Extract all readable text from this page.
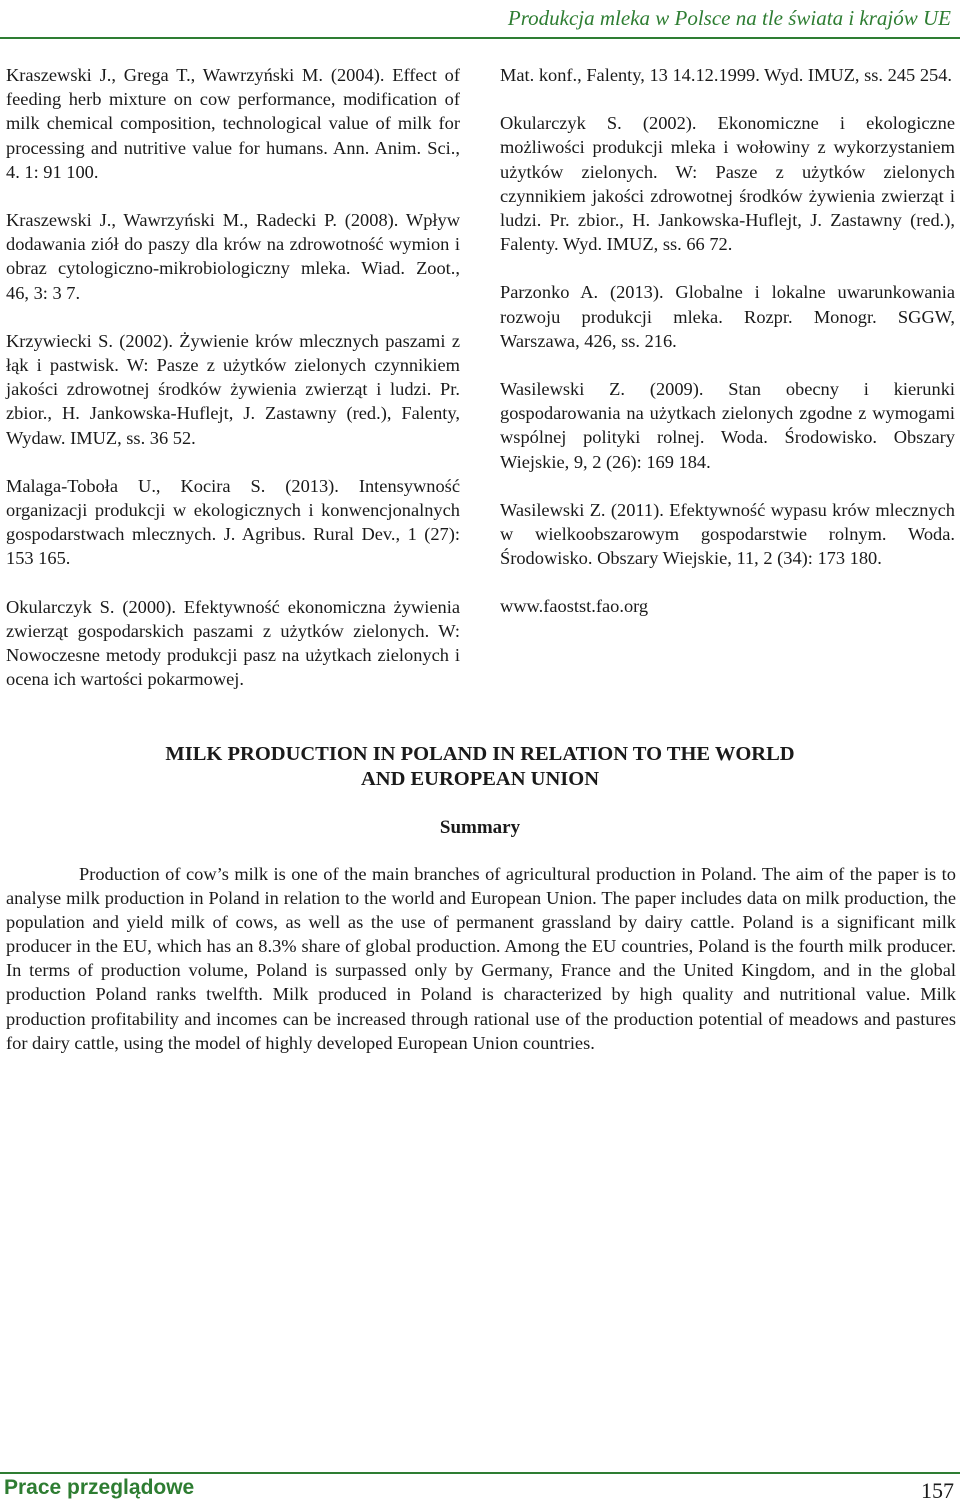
Produkcja mleka w Polsce na tle świata i krajów UE

Kraszewski J., Grega T., Wawrzyński M. (2004). Effect of feeding herb mixture on cow performance, modification of milk chemical composition, technological value of milk for processing and nutritive value for humans. Ann. Anim. Sci., 4. 1: 91 100.

Kraszewski J., Wawrzyński M., Radecki P. (2008). Wpływ dodawania ziół do paszy dla krów na zdrowotność wymion i obraz cytologiczno-mikrobiologiczny mleka. Wiad. Zoot., 46, 3: 3 7.

Krzywiecki S. (2002). Żywienie krów mlecznych paszami z łąk i pastwisk. W: Pasze z użytków zielonych czynnikiem jakości zdrowotnej środków żywienia zwierząt i ludzi. Pr. zbior., H. Jankowska-Huflejt, J. Zastawny (red.), Falenty, Wydaw. IMUZ, ss. 36 52.

Malaga-Toboła U., Kocira S. (2013). Intensywność organizacji produkcji w ekologicznych i konwencjonalnych gospodarstwach mlecznych. J. Agribus. Rural Dev., 1 (27): 153 165.

Okularczyk S. (2000). Efektywność ekonomiczna żywienia zwierząt gospodarskich paszami z użytków zielonych. W: Nowoczesne metody produkcji pasz na użytkach zielonych i ocena ich wartości pokarmowej.

Mat. konf., Falenty, 13 14.12.1999. Wyd. IMUZ, ss. 245 254.

Okularczyk S. (2002). Ekonomiczne i ekologiczne możliwości produkcji mleka i wołowiny z wykorzystaniem użytków zielonych. W: Pasze z użytków zielonych czynnikiem jakości zdrowotnej środków żywienia zwierząt i ludzi. Pr. zbior., H. Jankowska-Huflejt, J. Zastawny (red.), Falenty. Wyd. IMUZ, ss. 66 72.

Parzonko A. (2013). Globalne i lokalne uwarunkowania rozwoju produkcji mleka. Rozpr. Monogr. SGGW, Warszawa, 426, ss. 216.

Wasilewski Z. (2009). Stan obecny i kierunki gospodarowania na użytkach zielonych zgodne z wymogami wspólnej polityki rolnej. Woda. Środowisko. Obszary Wiejskie, 9, 2 (26): 169 184.

Wasilewski Z. (2011). Efektywność wypasu krów mlecznych w wielkoobszarowym gospodarstwie rolnym. Woda. Środowisko. Obszary Wiejskie, 11, 2 (34): 173 180.

www.faostst.fao.org

MILK PRODUCTION IN POLAND IN RELATION TO THE WORLD
AND EUROPEAN UNION
Summary
Production of cow’s milk is one of the main branches of agricultural production in Poland. The aim of the paper is to analyse milk production in Poland in relation to the world and European Union. The paper includes data on milk production, the population and yield milk of cows, as well as the use of permanent grassland by dairy cattle. Poland is a significant milk producer in the EU, which has an 8.3% share of global production. Among the EU countries, Poland is the fourth milk producer. In terms of production volume, Poland is surpassed only by Germany, France and the United Kingdom, and in the global production Poland ranks twelfth. Milk produced in Poland is characterized by high quality and nutritional value. Milk production profitability and incomes can be increased through rational use of the production potential of meadows and pastures for dairy cattle, using the model of highly developed European Union countries.
Prace przeglądowe	157
